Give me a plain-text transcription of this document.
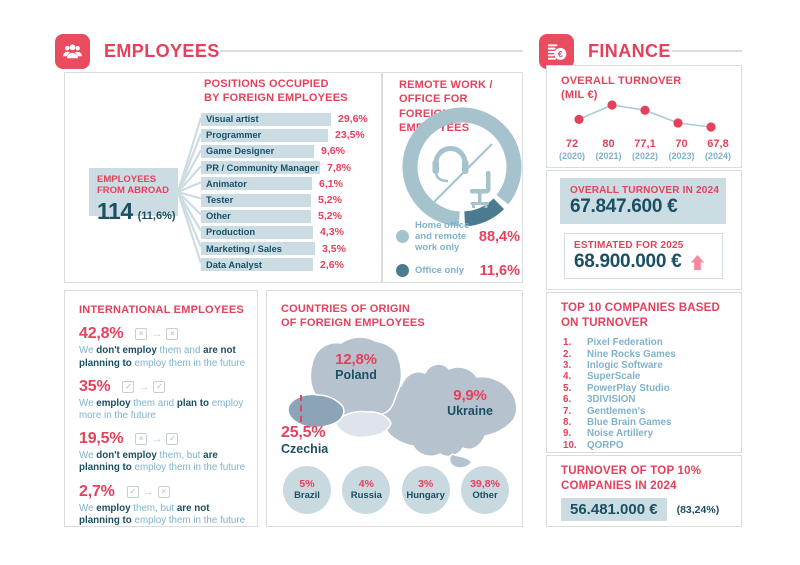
EMPLOYEES
POSITIONS OCCUPIED
BY FOREIGN EMPLOYEES
EMPLOYEES
FROM ABROAD
114 (11,6%)
Visual artist	29,6%
Programmer	23,5%
Game Designer	9,6%
PR / Community Manager 7,8%
Animator	6,1%
Tester	5,2%
Other	5,2%
Production	4,3%
Marketing / Sales	3,5%
Data Analyst	2,6%
REMOTE WORK /
OFFICE FOR FOREIGN
EMPLOYEES
Home office and remote work only
88,4%
Office only	11,6%
INTERNATIONAL EMPLOYEES
42,8%	× → ×
We don't employ them and are not planning to employ them in the future
35%	✓ → ✓
We employ them and plan to employ more in the future
19,5%	× → ✓
We don't employ them, but are planning to employ them in the future
2,7%	✓ → ×
We employ them, but are not planning to employ them in the future
COUNTRIES OF ORIGIN
OF FOREIGN EMPLOYEES
12,8%
Poland
9,9%
Ukraine
25,5%
Czechia
5%
Brazil
4%
Russia
3%
Hungary
39,8%
Other
€ FINANCE
OVERALL TURNOVER
(MIL €)
72
(2020)
80
(2021)
77,1
(2022)
70
(2023)
67,8
(2024)
OVERALL TURNOVER IN 2024
67.847.600 €
ESTIMATED FOR 2025
68.900.000 €
TOP 10 COMPANIES BASED
ON TURNOVER
1.	Pixel Federation
2.	Nine Rocks Games
3.	Inlogic Software
4.	SuperScale
5.	PowerPlay Studio
6.	3DIVISION
7.	Gentlemen's
8.	Blue Brain Games
9.	Noise Artillery
10.	QORPO
TURNOVER OF TOP 10%
COMPANIES IN 2024
56.481.000 €	(83,24%)
